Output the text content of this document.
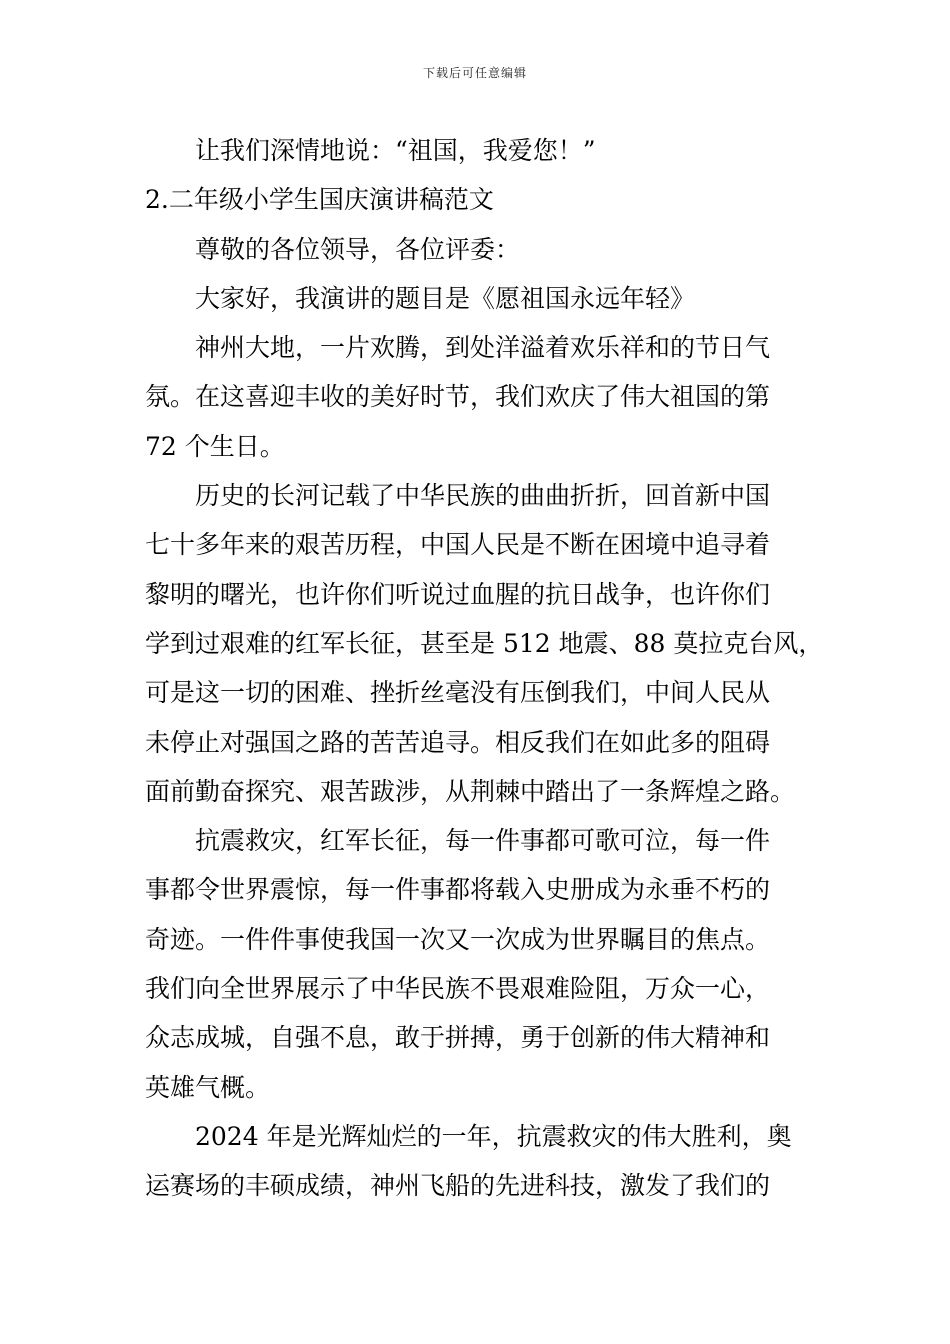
下载后可任意编辑
让我们深情地说：“祖国，我爱您！”
2.二年级小学生国庆演讲稿范文
尊敬的各位领导，各位评委：
大家好，我演讲的题目是《愿祖国永远年轻》
神州大地，一片欢腾，到处洋溢着欢乐祥和的节日气
氛。在这喜迎丰收的美好时节，我们欢庆了伟大祖国的第
72 个生日。
历史的长河记载了中华民族的曲曲折折，回首新中国
七十多年来的艰苦历程，中国人民是不断在困境中追寻着
黎明的曙光，也许你们听说过血腥的抗日战争，也许你们
学到过艰难的红军长征，甚至是 512 地震、88 莫拉克台风，
可是这一切的困难、挫折丝毫没有压倒我们，中间人民从
未停止对强国之路的苦苦追寻。相反我们在如此多的阻碍
面前勤奋探究、艰苦跋涉，从荆棘中踏出了一条辉煌之路。
抗震救灾，红军长征，每一件事都可歌可泣，每一件
事都令世界震惊，每一件事都将载入史册成为永垂不朽的
奇迹。一件件事使我国一次又一次成为世界瞩目的焦点。
我们向全世界展示了中华民族不畏艰难险阻，万众一心，
众志成城，自强不息，敢于拼搏，勇于创新的伟大精神和
英雄气概。
2024 年是光辉灿烂的一年，抗震救灾的伟大胜利，奥
运赛场的丰硕成绩，神州飞船的先进科技，激发了我们的
